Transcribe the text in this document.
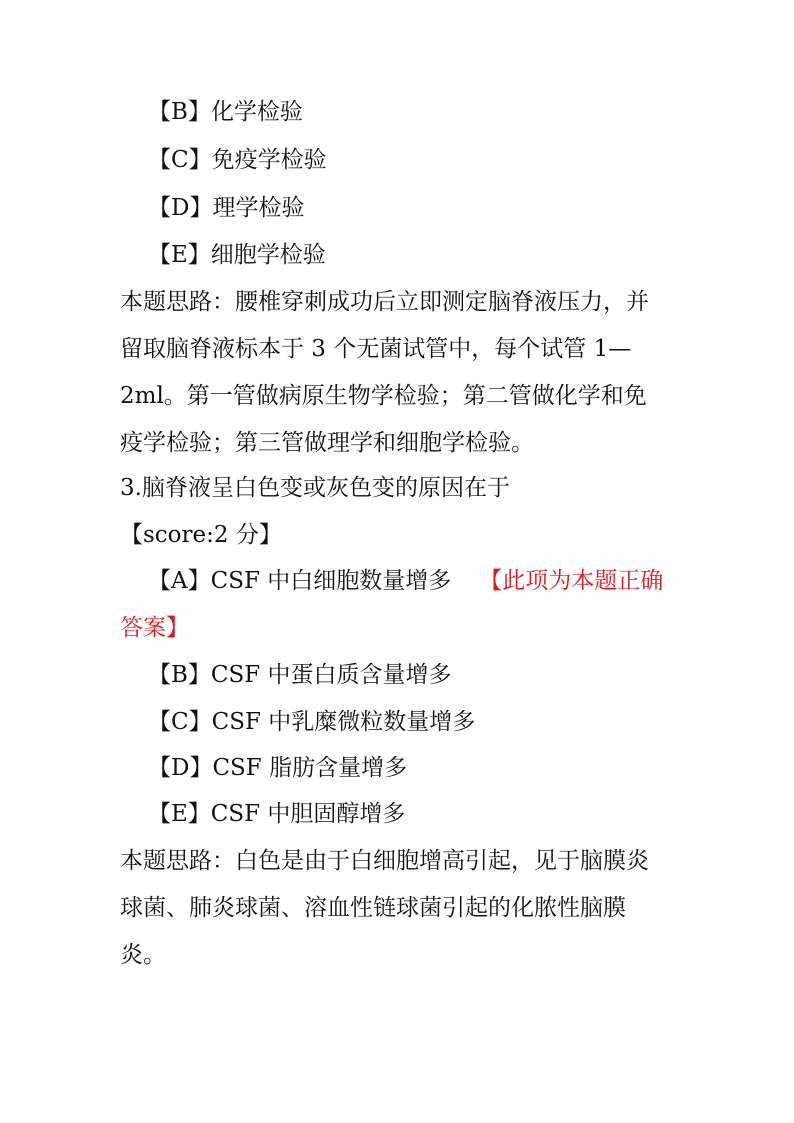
【B】化学检验
【C】免疫学检验
【D】理学检验
【E】细胞学检验
本题思路：腰椎穿刺成功后立即测定脑脊液压力，并
留取脑脊液标本于 3 个无菌试管中，每个试管 1—
2ml。第一管做病原生物学检验；第二管做化学和免
疫学检验；第三管做理学和细胞学检验。
3.脑脊液呈白色变或灰色变的原因在于
【score:2 分】
【A】CSF 中白细胞数量增多 【此项为本题正确
答案】
【B】CSF 中蛋白质含量增多
【C】CSF 中乳糜微粒数量增多
【D】CSF 脂肪含量增多
【E】CSF 中胆固醇增多
本题思路：白色是由于白细胞增高引起，见于脑膜炎
球菌、肺炎球菌、溶血性链球菌引起的化脓性脑膜
炎。
